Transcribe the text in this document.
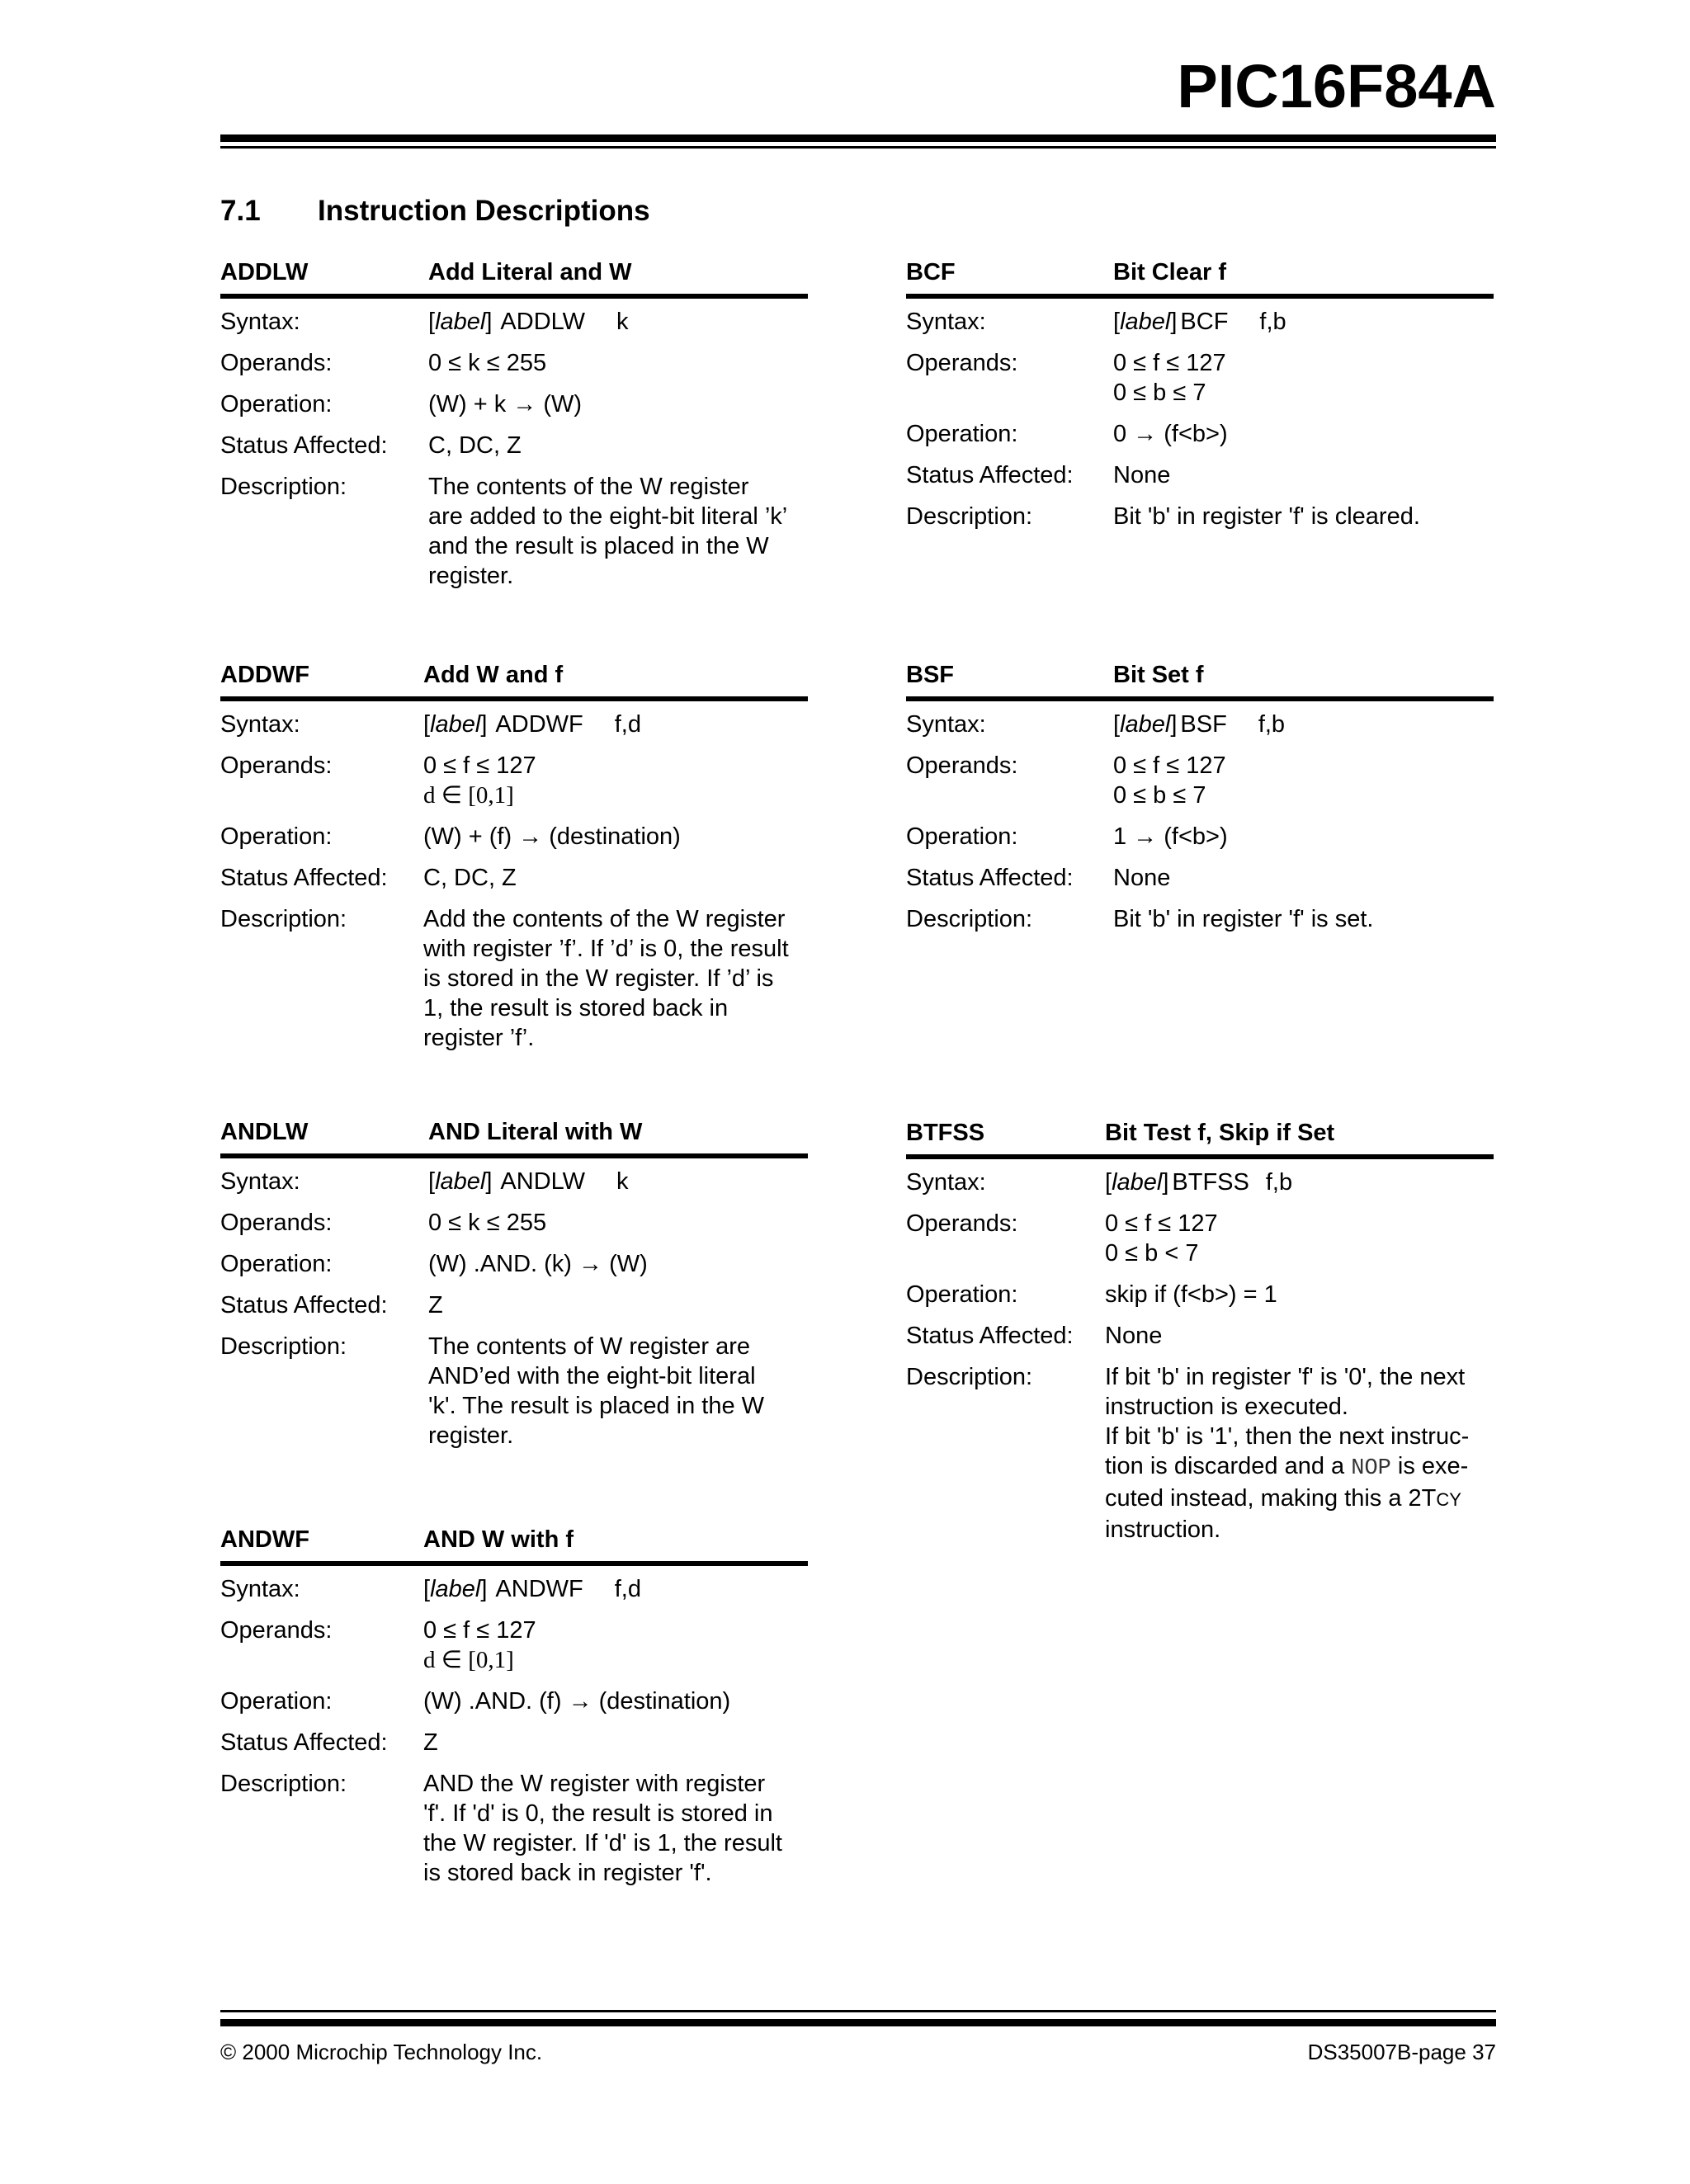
PIC16F84A
7.1 Instruction Descriptions
ADDLW	Add Literal and W
Syntax:	[label] ADDLW k
Operands:	0 ≤ k ≤ 255
Operation:	(W) + k → (W)
Status Affected:	C, DC, Z
Description:	The contents of the W register
are added to the eight-bit literal ’k’
and the result is placed in the W
register.
ADDWF	Add W and f
Syntax:	[label] ADDWF f,d
Operands:	0 ≤ f ≤ 127
d ∈ [0,1]
Operation:	(W) + (f) → (destination)
Status Affected:	C, DC, Z
Description:	Add the contents of the W register
with register ’f’. If ’d’ is 0, the result
is stored in the W register. If ’d’ is
1, the result is stored back in
register ’f’.
ANDLW	AND Literal with W
Syntax:	[label] ANDLW k
Operands:	0 ≤ k ≤ 255
Operation:	(W) .AND. (k) → (W)
Status Affected:	Z
Description:	The contents of W register are
AND’ed with the eight-bit literal
'k'. The result is placed in the W
register.
ANDWF	AND W with f
Syntax:	[label] ANDWF f,d
Operands:	0 ≤ f ≤ 127
d ∈ [0,1]
Operation:	(W) .AND. (f) → (destination)
Status Affected:	Z
Description:	AND the W register with register
'f'. If 'd' is 0, the result is stored in
the W register. If 'd' is 1, the result
is stored back in register 'f'.
BCF	Bit Clear f
Syntax:	[label] BCF f,b
Operands:	0 ≤ f ≤ 127
0 ≤ b ≤ 7
Operation:	0 → (f<b>)
Status Affected:	None
Description:	Bit 'b' in register 'f' is cleared.
BSF	Bit Set f
Syntax:	[label] BSF f,b
Operands:	0 ≤ f ≤ 127
0 ≤ b ≤ 7
Operation:	1 → (f<b>)
Status Affected:	None
Description:	Bit 'b' in register 'f' is set.
BTFSS	Bit Test f, Skip if Set
Syntax:	[label] BTFSS f,b
Operands:	0 ≤ f ≤ 127
0 ≤ b < 7
Operation:	skip if (f<b>) = 1
Status Affected:	None
Description:	If bit 'b' in register 'f' is '0', the next
instruction is executed.
If bit 'b' is '1', then the next instruc-
tion is discarded and a NOP is exe-
cuted instead, making this a 2TCY
instruction.
© 2000 Microchip Technology Inc.	DS35007B-page 37
